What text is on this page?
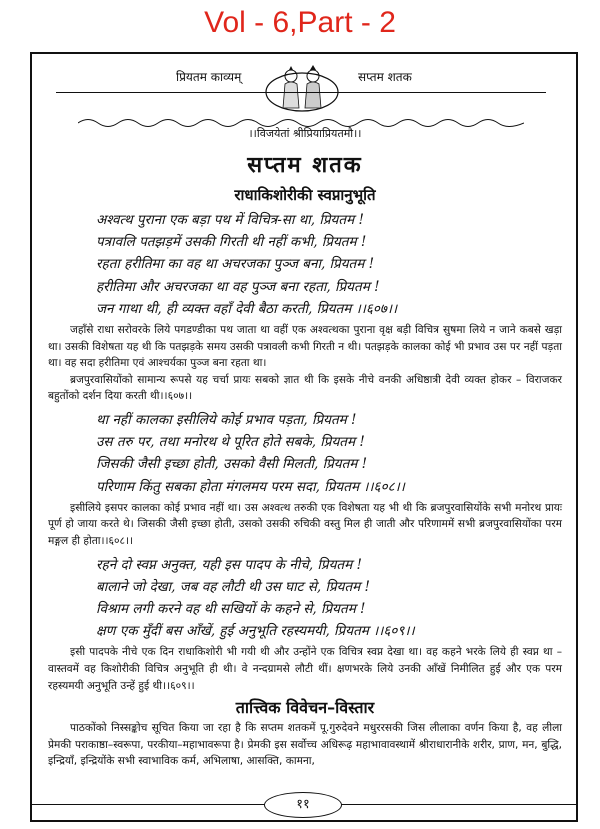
Vol - 6,Part - 2
प्रियतम काव्यम्	सप्तम शतक
।।विजयेतां श्रीप्रियाप्रियतमौ।।
सप्तम शतक
राधाकिशोरीकी स्वप्नानुभूति
अश्वत्थ पुराना एक बड़ा पथ में विचित्र-सा था, प्रियतम !
पत्रावलि पतझड़में उसकी गिरती थी नहीं कभी, प्रियतम !
रहता हरीतिमा का वह था अचरजका पुञ्ज बना, प्रियतम !
हरीतिमा और अचरजका था वह पुञ्ज बना रहता, प्रियतम !
जन गाथा थी, ही व्यक्त वहाँ देवी बैठा करती, प्रियतम ।।६०७।।

जहाँसे राधा सरोवरके लिये पगडण्डीका पथ जाता था वहीं एक अश्वत्थका पुराना वृक्ष बड़ी विचित्र सुषमा लिये न जाने कबसे खड़ा था। उसकी विशेषता यह थी कि पतझड़के समय उसकी पत्रावली कभी गिरती न थी। पतझड़के कालका कोई भी प्रभाव उस पर नहीं पड़ता था। वह सदा हरीतिमा एवं आश्चर्यका पुञ्ज बना रहता था।

ब्रजपुरवासियोंको सामान्य रूपसे यह चर्चा प्रायः सबको ज्ञात थी कि इसके नीचे वनकी अधिष्ठात्री देवी व्यक्त होकर – विराजकर बहुतोंको दर्शन दिया करती थी।।६०७।।

था नहीं कालका इसीलिये कोई प्रभाव पड़ता, प्रियतम !
उस तरु पर, तथा मनोरथ थे पूरित होते सबके, प्रियतम !
जिसकी जैसी इच्छा होती, उसको वैसी मिलती, प्रियतम !
परिणाम किंतु सबका होता मंगलमय परम सदा, प्रियतम ।।६०८।।

इसीलिये इसपर कालका कोई प्रभाव नहीं था। उस अश्वत्थ तरुकी एक विशेषता यह भी थी कि ब्रजपुरवासियोंके सभी मनोरथ प्रायः पूर्ण हो जाया करते थे। जिसकी जैसी इच्छा होती, उसको उसकी रुचिकी वस्तु मिल ही जाती और परिणाममें सभी ब्रजपुरवासियोंका परम मङ्गल ही होता।।६०८।।

रहने दो स्वप्न अनुक्त, यही इस पादप के नीचे, प्रियतम !
बालाने जो देखा, जब वह लौटी थी उस घाट से, प्रियतम !
विश्राम लगी करने वह थी सखियों के कहने से, प्रियतम !
क्षण एक मुँदीं बस आँखें, हुई अनुभूति रहस्यमयी, प्रियतम ।।६०९।।

इसी पादपके नीचे एक दिन राधाकिशोरी भी गयी थी और उन्होंने एक विचित्र स्वप्न देखा था। वह कहने भरके लिये ही स्वप्न था – वास्तवमें वह किशोरीकी विचित्र अनुभूति ही थी। वे नन्दग्रामसे लौटी थीं। क्षणभरके लिये उनकी आँखें निमीलित हुई और एक परम रहस्यमयी अनुभूति उन्हें हुई थी।।६०९।।

तात्त्विक विवेचन–विस्तार

पाठकोंको निस्सङ्कोच सूचित किया जा रहा है कि सप्तम शतकमें पू.गुरुदेवने मधुररसकी जिस लीलाका वर्णन किया है, वह लीला प्रेमकी पराकाष्ठा–स्वरूपा, परकीया–महाभावरूपा है। प्रेमकी इस सर्वोच्च अधिरूढ़ महाभावावस्थामें श्रीराधारानीके शरीर, प्राण, मन, बुद्धि, इन्द्रियाँ, इन्द्रियोंके सभी स्वाभाविक कर्म, अभिलाषा, आसक्ति, कामना,

११
